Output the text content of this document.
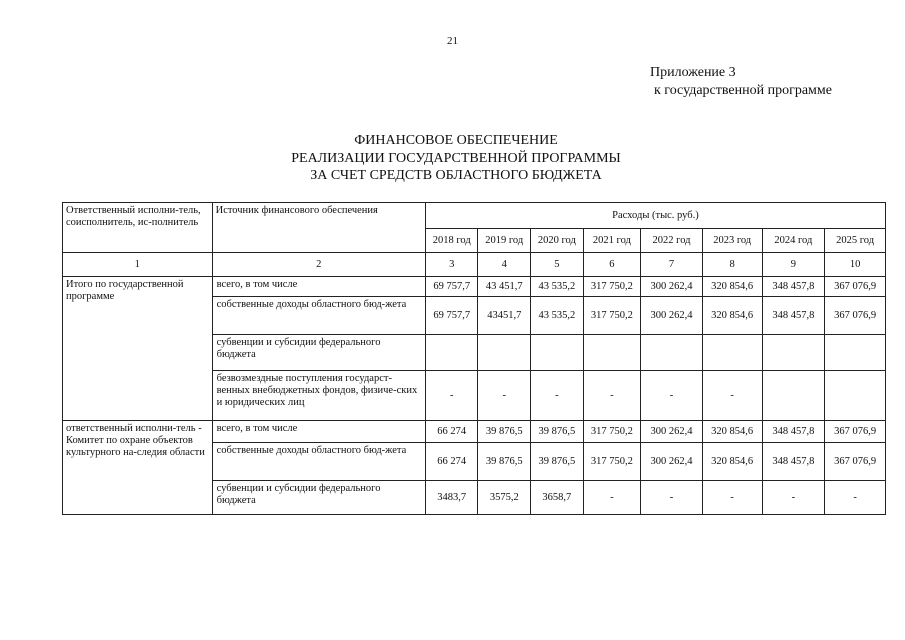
21
Приложение 3
к государственной программе
ФИНАНСОВОЕ ОБЕСПЕЧЕНИЕ
РЕАЛИЗАЦИИ ГОСУДАРСТВЕННОЙ ПРОГРАММЫ
ЗА СЧЕТ СРЕДСТВ ОБЛАСТНОГО БЮДЖЕТА
Ответственный исполни-тель, соисполнитель, ис-полнитель	Источник финансового обеспечения	Расходы (тыс. руб.)							
		2018 год	2019 год	2020 год	2021 год	2022 год	2023 год	2024 год	2025 год
1	2	3	4	5	6	7	8	9	10
Итого по государственной программе	всего, в том числе	69 757,7	43 451,7	43 535,2	317 750,2	300 262,4	320 854,6	348 457,8	367 076,9
	собственные доходы областного бюд-жета	69 757,7	43451,7	43 535,2	317 750,2	300 262,4	320 854,6	348 457,8	367 076,9
	субвенции и субсидии федерального бюджета								
	безвозмездные поступления государст-венных внебюджетных фондов, физиче-ских и юридических лиц	-	-	-	-	-	-		
ответственный исполни-тель - Комитет по охране объектов культурного на-следия области	всего, в том числе	66 274	39 876,5	39 876,5	317 750,2	300 262,4	320 854,6	348 457,8	367 076,9
	собственные доходы областного бюд-жета	66 274	39 876,5	39 876,5	317 750,2	300 262,4	320 854,6	348 457,8	367 076,9
	субвенции и субсидии федерального бюджета	3483,7	3575,2	3658,7	-	-	-	-	-
